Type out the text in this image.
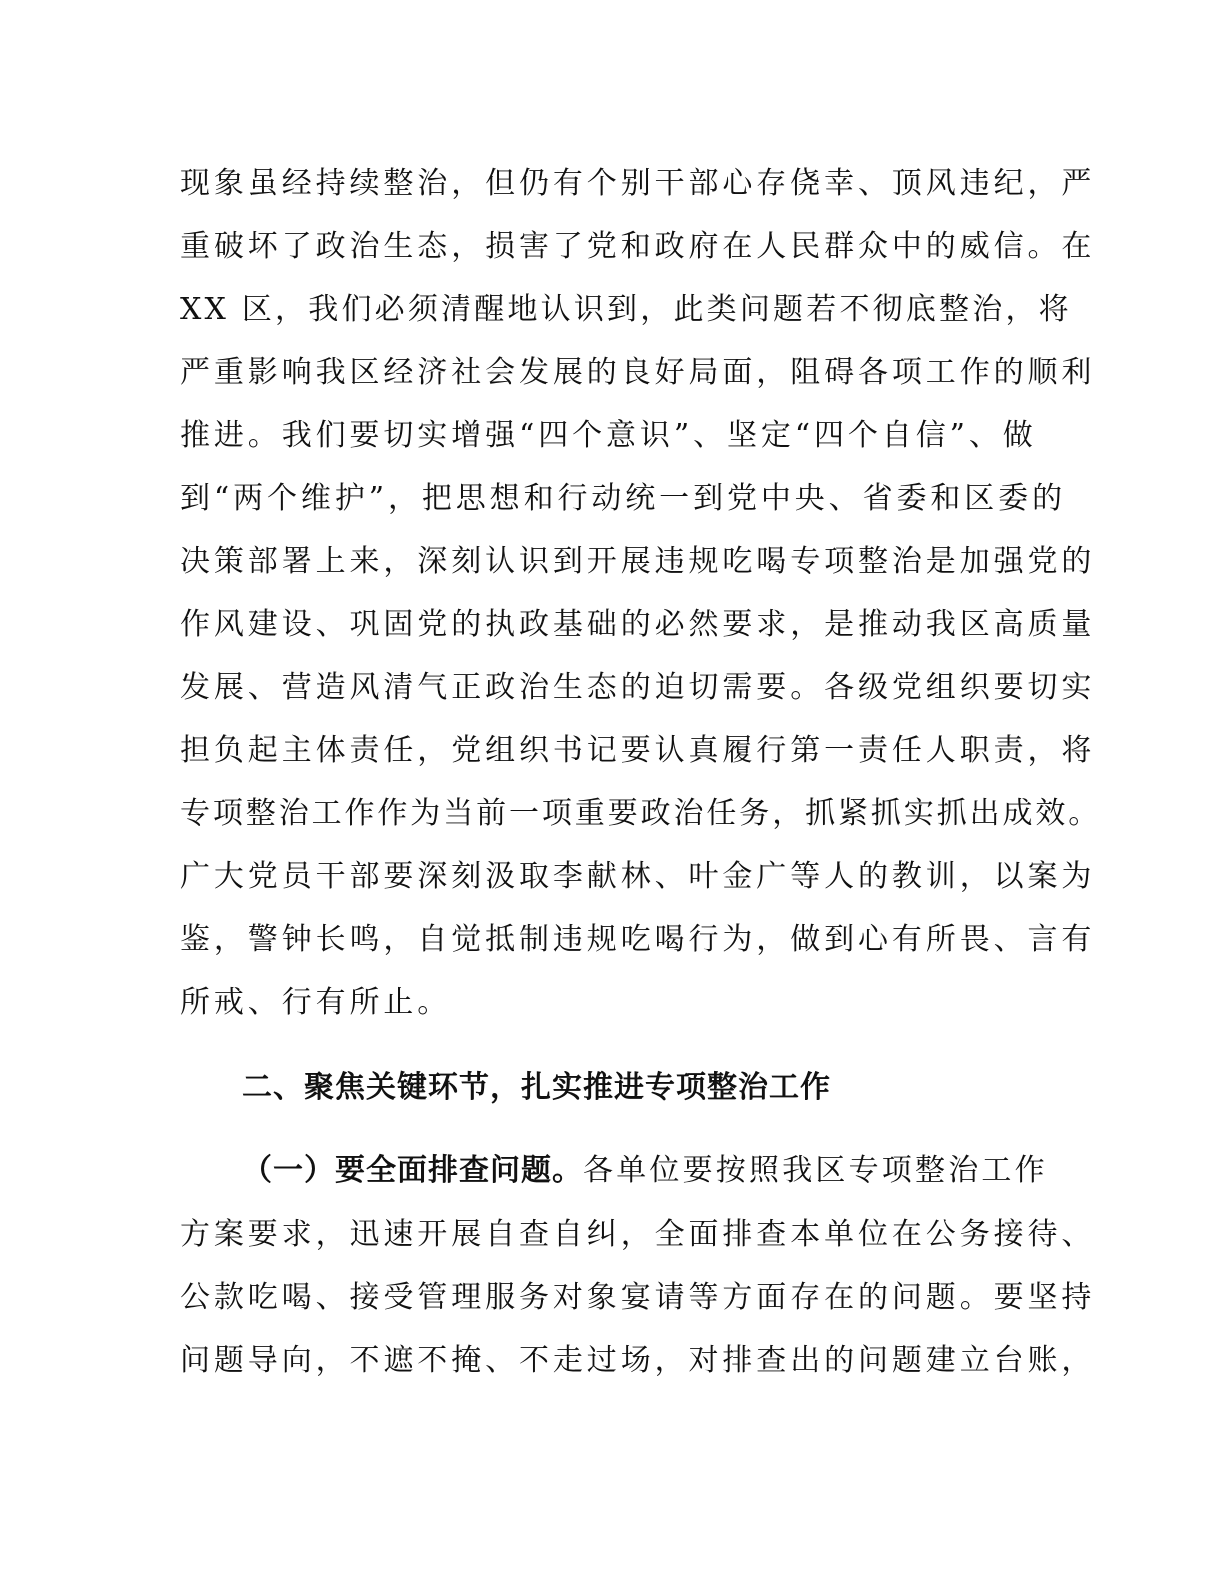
现象虽经持续整治，但仍有个别干部心存侥幸、顶风违纪，严
重破坏了政治生态，损害了党和政府在人民群众中的威信。在
XX 区，我们必须清醒地认识到，此类问题若不彻底整治，将
严重影响我区经济社会发展的良好局面，阻碍各项工作的顺利
推进。我们要切实增强“四个意识”、坚定“四个自信”、做
到“两个维护”，把思想和行动统一到党中央、省委和区委的
决策部署上来，深刻认识到开展违规吃喝专项整治是加强党的
作风建设、巩固党的执政基础的必然要求，是推动我区高质量
发展、营造风清气正政治生态的迫切需要。各级党组织要切实
担负起主体责任，党组织书记要认真履行第一责任人职责，将
专项整治工作作为当前一项重要政治任务，抓紧抓实抓出成效。
广大党员干部要深刻汲取李献林、叶金广等人的教训，以案为
鉴，警钟长鸣，自觉抵制违规吃喝行为，做到心有所畏、言有
所戒、行有所止。
二、聚焦关键环节，扎实推进专项整治工作
（一）要全面排查问题。各单位要按照我区专项整治工作
方案要求，迅速开展自查自纠，全面排查本单位在公务接待、
公款吃喝、接受管理服务对象宴请等方面存在的问题。要坚持
问题导向，不遮不掩、不走过场，对排查出的问题建立台账，
